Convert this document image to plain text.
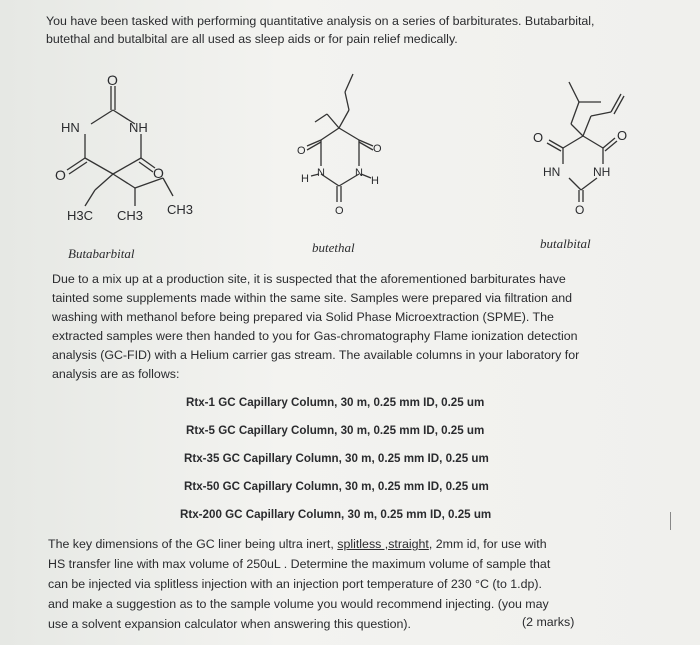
You have been tasked with performing quantitative analysis on a series of barbiturates. Butabarbital,
butethal and butalbital are all used as sleep aids or for pain relief medically.
O
HN	NH
O	O
H3C CH3 CH3
O	O
N	N
H	H
O
O	O
HN	NH
O
Butabarbital	butethal	butalbital
Due to a mix up at a production site, it is suspected that the aforementioned barbiturates have
tainted some supplements made within the same site. Samples were prepared via filtration and
washing with methanol before being prepared via Solid Phase Microextraction (SPME). The
extracted samples were then handed to you for Gas-chromatography Flame ionization detection
analysis (GC-FID) with a Helium carrier gas stream. The available columns in your laboratory for
analysis are as follows:
Rtx-1 GC Capillary Column, 30 m, 0.25 mm ID, 0.25 um
Rtx-5 GC Capillary Column, 30 m, 0.25 mm ID, 0.25 um
Rtx-35 GC Capillary Column, 30 m, 0.25 mm ID, 0.25 um
Rtx-50 GC Capillary Column, 30 m, 0.25 mm ID, 0.25 um
Rtx-200 GC Capillary Column, 30 m, 0.25 mm ID, 0.25 um
The key dimensions of the GC liner being ultra inert, splitless ,straight, 2mm id, for use with
HS transfer line with max volume of 250uL . Determine the maximum volume of sample that
can be injected via splitless injection with an injection port temperature of 230 °C (to 1.dp).
and make a suggestion as to the sample volume you would recommend injecting. (you may
use a solvent expansion calculator when answering this question).	(2 marks)
